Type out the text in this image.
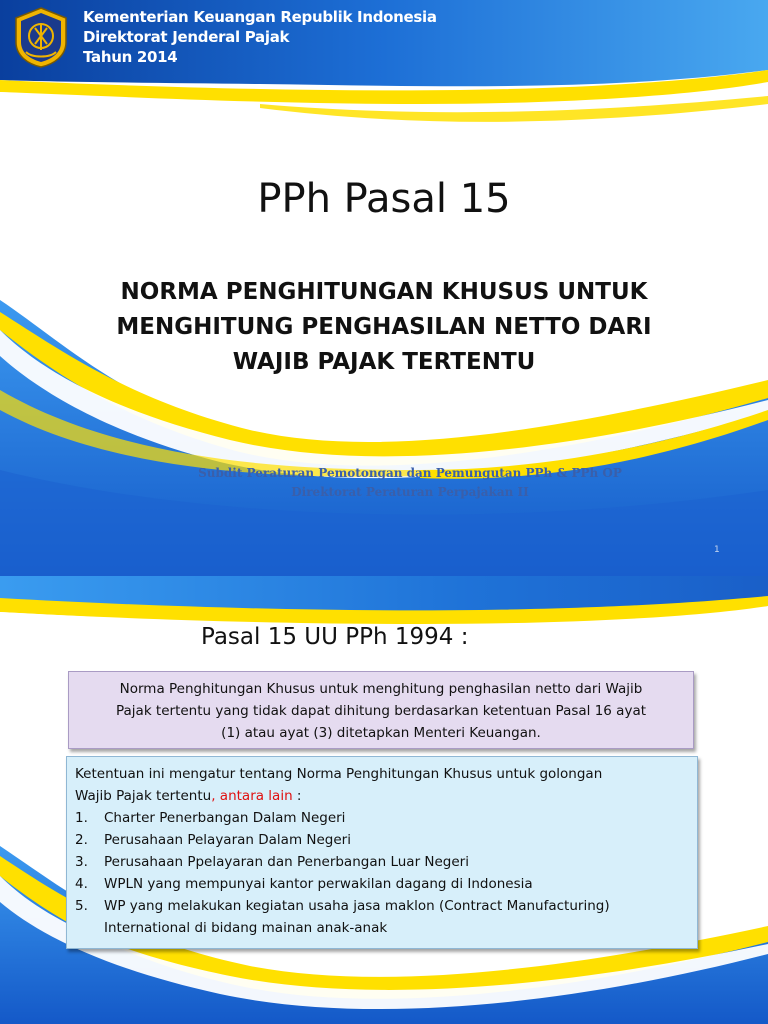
Kementerian Keuangan Republik Indonesia
Direktorat Jenderal Pajak
Tahun 2014
PPh Pasal 15
NORMA PENGHITUNGAN KHUSUS UNTUK
MENGHITUNG PENGHASILAN NETTO DARI
WAJIB PAJAK TERTENTU
Subdit Peraturan Pemotongan dan Pemungutan PPh & PPh OP
Direktorat Peraturan Perpajakan II
1
Pasal 15 UU PPh 1994 :
Norma Penghitungan Khusus untuk menghitung penghasilan netto dari Wajib
Pajak tertentu yang tidak dapat dihitung berdasarkan ketentuan Pasal 16 ayat
(1) atau ayat (3) ditetapkan Menteri Keuangan.
Ketentuan ini mengatur tentang Norma Penghitungan Khusus untuk golongan
Wajib Pajak tertentu, antara lain :
1. Charter Penerbangan Dalam Negeri
2. Perusahaan Pelayaran Dalam Negeri
3. Perusahaan Ppelayaran dan Penerbangan Luar Negeri
4. WPLN yang mempunyai kantor perwakilan dagang di Indonesia
5. WP yang melakukan kegiatan usaha jasa maklon (Contract Manufacturing) International di bidang mainan anak-anak
